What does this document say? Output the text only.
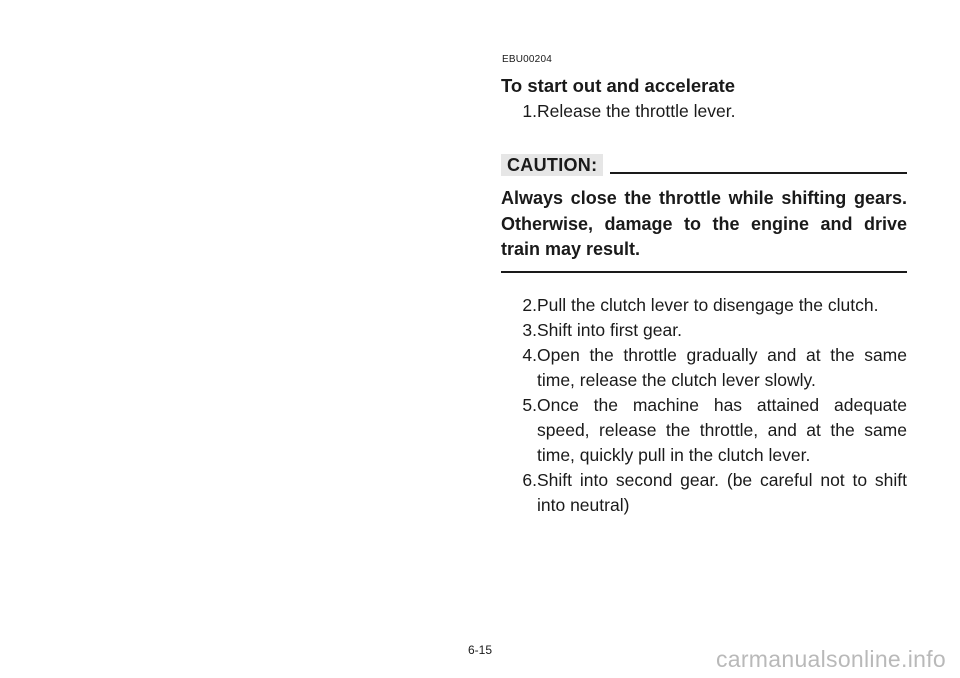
EBU00204
To start out and accelerate
1. Release the throttle lever.
CAUTION:
Always close the throttle while shifting gears. Otherwise, damage to the engine and drive train may result.
2. Pull the clutch lever to disengage the clutch.
3. Shift into first gear.
4. Open the throttle gradually and at the same time, release the clutch lever slowly.
5. Once the machine has attained adequate speed, release the throttle, and at the same time, quickly pull in the clutch lever.
6. Shift into second gear. (be careful not to shift into neutral)
6-15	carmanualsonline.info
